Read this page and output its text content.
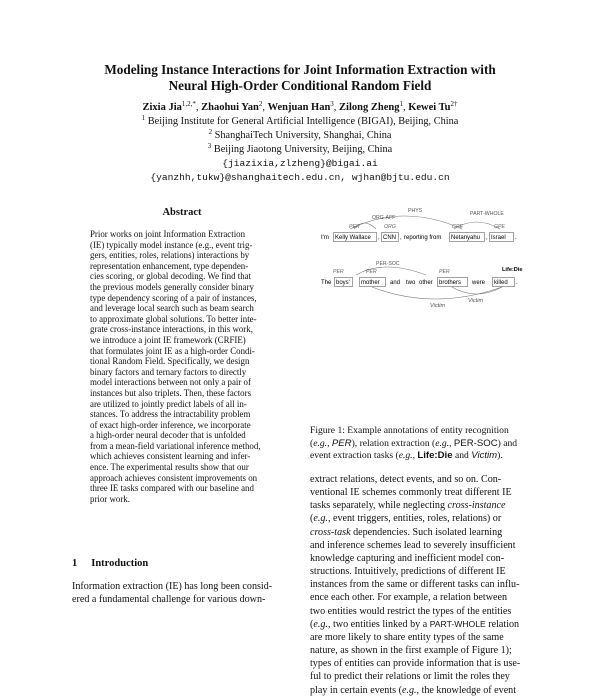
Modeling Instance Interactions for Joint Information Extraction with
Neural High-Order Conditional Random Field
Zixia Jia$^{1,2,*}$, Zhaohui Yan$^2$, Wenjuan Han$^3$, Zilong Zheng$^1$, Kewei $Tu^{2\dagger}$
$^1$ Beijing Institute for General Artificial Intelligence (BIGAI), Beijing, China
$^2$ ShanghaiTech University, Shanghai, China
$^3$ Beijing Jiaotong University, Beijing, China
{jiazixia,zlzheng}@bigai.ai
{yanzhh,tukw}@shanghaitech.edu.cn, wjhan@bjtu.edu.cn
Abstract
Prior works on joint Information Extraction
(IE) typically model instance (e.g., event trig-
gers, entities, roles, relations) interactions by
representation enhancement, type dependen-
cies scoring, or global decoding. We find that
the previous models generally consider binary
type dependency scoring of a pair of instances,
and leverage local search such as beam search
to approximate global solutions. To better inte-
grate cross-instance interactions, in this work,
we introduce a joint IE framework (CRFIE)
that formulates joint IE as a high-order Condi-
tional Random Field. Specifically, we design
binary factors and ternary factors to directly
model interactions between not only a pair of
instances but also triplets. Then, these factors
are utilized to jointly predict labels of all in-
stances. To address the intractability problem
of exact high-order inference, we incorporate
a high-order neural decoder that is unfolded
from a mean-field variational inference method,
which achieves consistent learning and infer-
ence. The experimental results show that our
approach achieves consistent improvements on
three IE tasks compared with our baseline and
prior work.
1 Introduction
Information extraction (IE) has long been consid-
ered a fundamental challenge for various down-
PHYS
ORG-AFF
PART-WHOLE
PER	ORG	GPE	GPE
I'm Kelly Wallace , CNN , reporting from Netanyahu , Israel .
PER-SOC
PER	PER	PER	Life:Die
The boys' mother and two other brothers were killed .
Victim
Victim
Figure 1: Example annotations of entity recognition
(e.g., PER), relation extraction (e.g., PER-SOC) and
event extraction tasks (e.g., Life:Die and Victim).
extract relations, detect events, and so on. Con-
ventional IE schemes commonly treat different IE
tasks separately, while neglecting cross-instance
(e.g., event triggers, entities, roles, relations) or
cross-task dependencies. Such isolated learning
and inference schemes lead to severely insufficient
knowledge capturing and inefficient model con-
structions. Intuitively, predictions of different IE
instances from the same or different tasks can influ-
ence each other. For example, a relation between
two entities would restrict the types of the entities
(e.g., two entities linked by a PART-WHOLE relation
are more likely to share entity types of the same
nature, as shown in the first example of Figure 1);
types of entities can provide information that is use-
ful to predict their relations or limit the roles they
play in certain events (e.g., the knowledge of event
